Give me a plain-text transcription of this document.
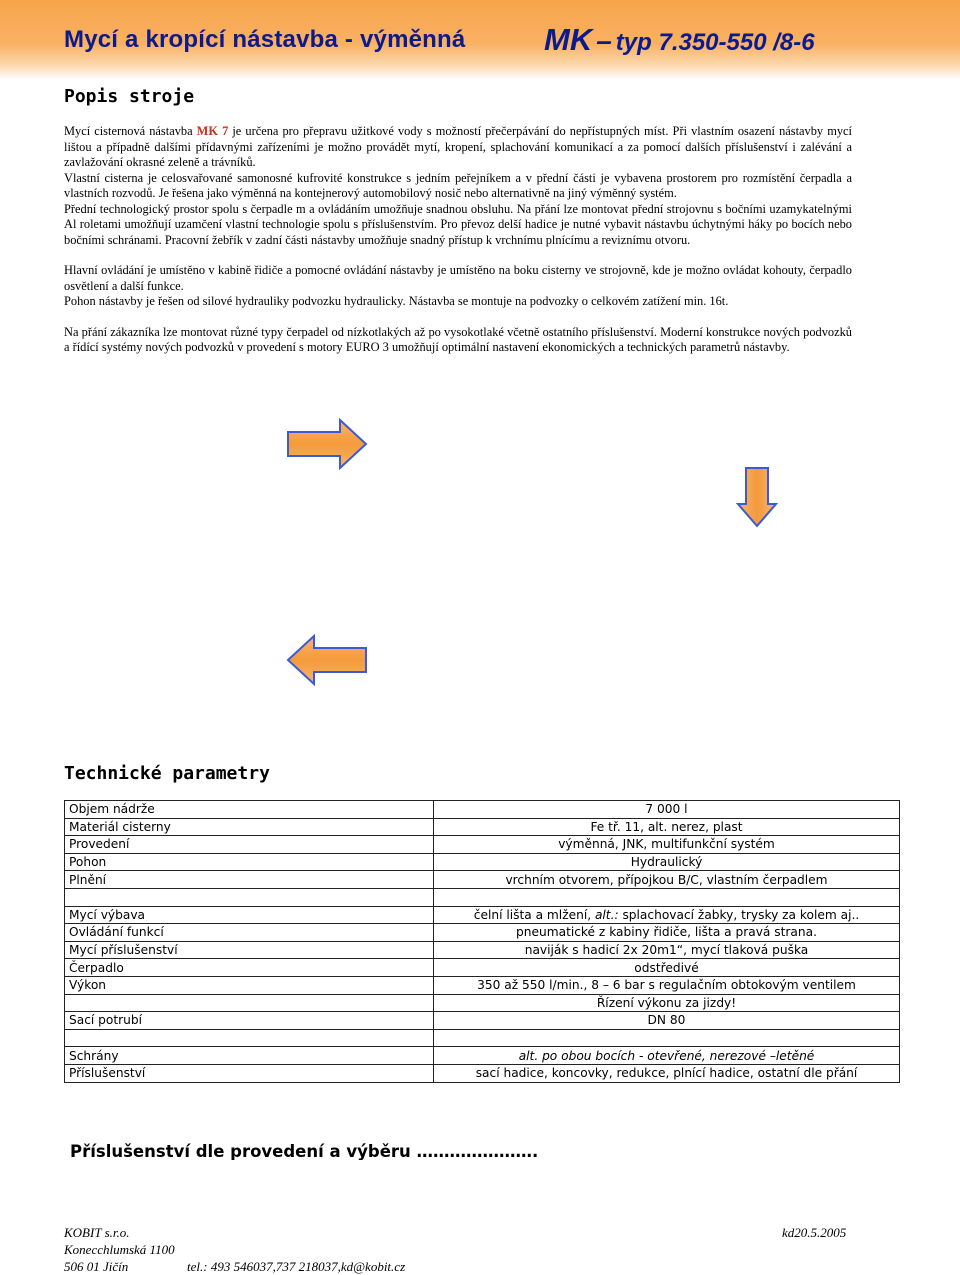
Mycí a kropící nástavba - výměnná	MK – typ 7.350-550 /8-6
Popis stroje

Mycí cisternová nástavba MK 7 je určena pro přepravu užitkové vody s možností přečerpávání do nepřístupných míst. Při vlastním osazení nástavby mycí lištou a případně dalšími přídavnými zařízeními je možno provádět mytí, kropení, splachování komunikací a za pomocí dalších příslušenství i zalévání a zavlažování okrasné zeleně a trávníků.

Vlastní cisterna je celosvařované samonosné kufrovité konstrukce s jedním peřejníkem a v přední části je vybavena prostorem pro rozmístění čerpadla a vlastních rozvodů. Je řešena jako výměnná na kontejnerový automobilový nosič nebo alternativně na jiný výměnný systém.

Přední technologický prostor spolu s čerpadle m a ovládáním umožňuje snadnou obsluhu. Na přání lze montovat přední strojovnu s bočními uzamykatelnými Al roletami umožňují uzamčení vlastní technologie spolu s příslušenstvím. Pro převoz delší hadice je nutné vybavit nástavbu úchytnými háky po bocích nebo bočními schránami. Pracovní žebřík v zadní části nástavby umožňuje snadný přístup k vrchnímu plnícímu a reviznímu otvoru.

Hlavní ovládání je umístěno v kabině řidiče a pomocné ovládání nástavby je umístěno na boku cisterny ve strojovně, kde je možno ovládat kohouty, čerpadlo osvětlení a další funkce.

Pohon nástavby je řešen od silové hydrauliky podvozku hydraulicky. Nástavba se montuje na podvozky o celkovém zatížení min. 16t.

Na přání zákazníka lze montovat různé typy čerpadel od nízkotlakých až po vysokotlaké včetně ostatního příslušenství. Moderní konstrukce nových podvozků a řídící systémy nových podvozků v provedení s motory EURO 3 umožňují optimální nastavení ekonomických a technických parametrů nástavby.

Technické parametry
Objem nádrže	7 000 l
Materiál cisterny	Fe tř. 11, alt. nerez, plast
Provedení	výměnná, JNK, multifunkční systém
Pohon	Hydraulický
Plnění	vrchním otvorem, přípojkou B/C, vlastním čerpadlem

Mycí výbava	čelní lišta a mlžení, alt.: splachovací žabky, trysky za kolem aj..
Ovládání funkcí	pneumatické z kabiny řidiče, lišta a pravá strana.
Mycí příslušenství	naviják s hadicí 2x 20m1“, mycí tlaková puška
Čerpadlo	odstředivé
Výkon	350 až 550 l/min., 8 – 6 bar s regulačním obtokovým ventilem
	Řízení výkonu za jizdy!
Sací potrubí	DN 80

Schrány	alt. po obou bocích - otevřené, nerezové –letěné
Příslušenství	sací hadice, koncovky, redukce, plnící hadice, ostatní dle přání
Příslušenství dle provedení a výběru ………………….
KOBIT s.r.o.	kd20.5.2005
Konecchlumská 1100
506 01 Jičín	tel.: 493 546037,737 218037,kd@kobit.cz
